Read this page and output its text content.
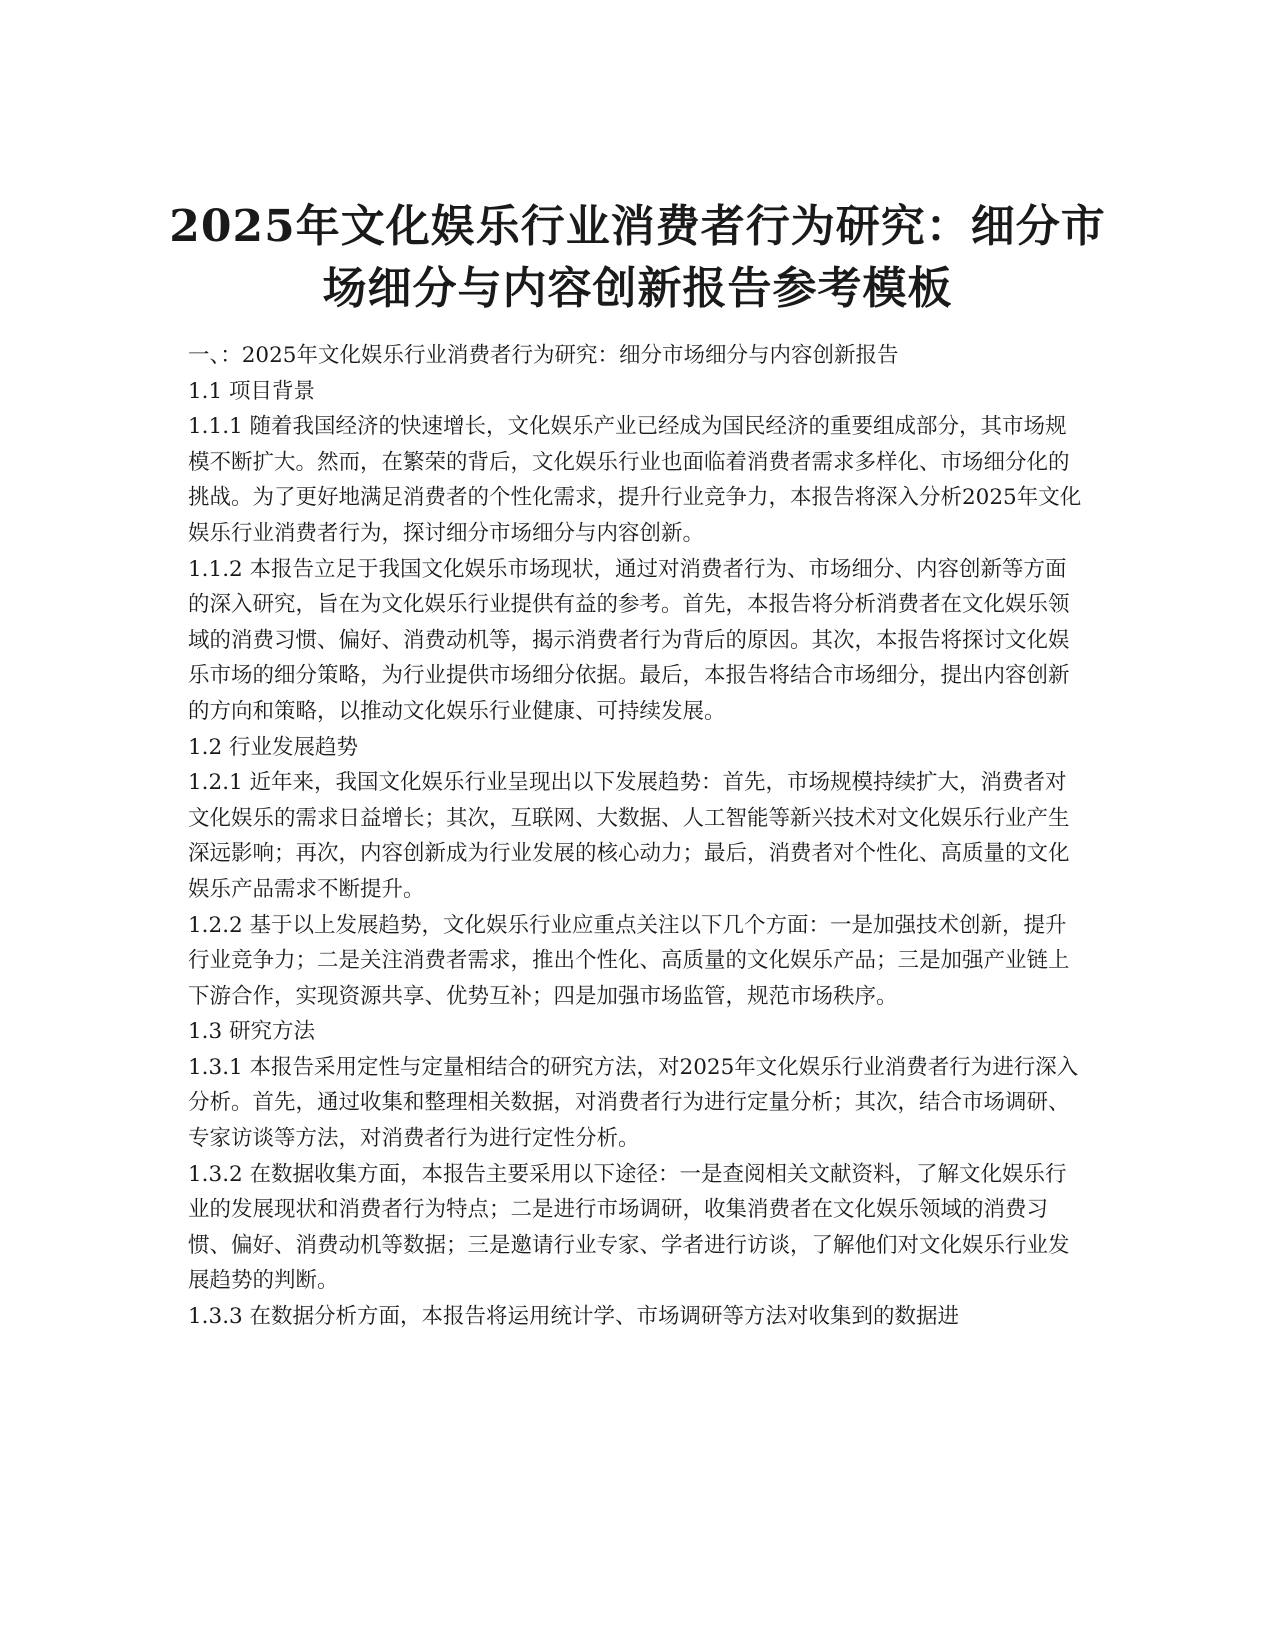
2025年文化娱乐行业消费者行为研究：细分市场细分与内容创新报告参考模板

一、：2025年文化娱乐行业消费者行为研究：细分市场细分与内容创新报告

1.1 项目背景

1.1.1 随着我国经济的快速增长，文化娱乐产业已经成为国民经济的重要组成部分，其市场规模不断扩大。然而，在繁荣的背后，文化娱乐行业也面临着消费者需求多样化、市场细分化的挑战。为了更好地满足消费者的个性化需求，提升行业竞争力，本报告将深入分析2025年文化娱乐行业消费者行为，探讨细分市场细分与内容创新。

1.1.2 本报告立足于我国文化娱乐市场现状，通过对消费者行为、市场细分、内容创新等方面的深入研究，旨在为文化娱乐行业提供有益的参考。首先，本报告将分析消费者在文化娱乐领域的消费习惯、偏好、消费动机等，揭示消费者行为背后的原因。其次，本报告将探讨文化娱乐市场的细分策略，为行业提供市场细分依据。最后，本报告将结合市场细分，提出内容创新的方向和策略，以推动文化娱乐行业健康、可持续发展。

1.2 行业发展趋势

1.2.1 近年来，我国文化娱乐行业呈现出以下发展趋势：首先，市场规模持续扩大，消费者对文化娱乐的需求日益增长；其次，互联网、大数据、人工智能等新兴技术对文化娱乐行业产生深远影响；再次，内容创新成为行业发展的核心动力；最后，消费者对个性化、高质量的文化娱乐产品需求不断提升。

1.2.2 基于以上发展趋势，文化娱乐行业应重点关注以下几个方面：一是加强技术创新，提升行业竞争力；二是关注消费者需求，推出个性化、高质量的文化娱乐产品；三是加强产业链上下游合作，实现资源共享、优势互补；四是加强市场监管，规范市场秩序。

1.3 研究方法

1.3.1 本报告采用定性与定量相结合的研究方法，对2025年文化娱乐行业消费者行为进行深入分析。首先，通过收集和整理相关数据，对消费者行为进行定量分析；其次，结合市场调研、专家访谈等方法，对消费者行为进行定性分析。

1.3.2 在数据收集方面，本报告主要采用以下途径：一是查阅相关文献资料，了解文化娱乐行业的发展现状和消费者行为特点；二是进行市场调研，收集消费者在文化娱乐领域的消费习惯、偏好、消费动机等数据；三是邀请行业专家、学者进行访谈，了解他们对文化娱乐行业发展趋势的判断。

1.3.3 在数据分析方面，本报告将运用统计学、市场调研等方法对收集到的数据进
